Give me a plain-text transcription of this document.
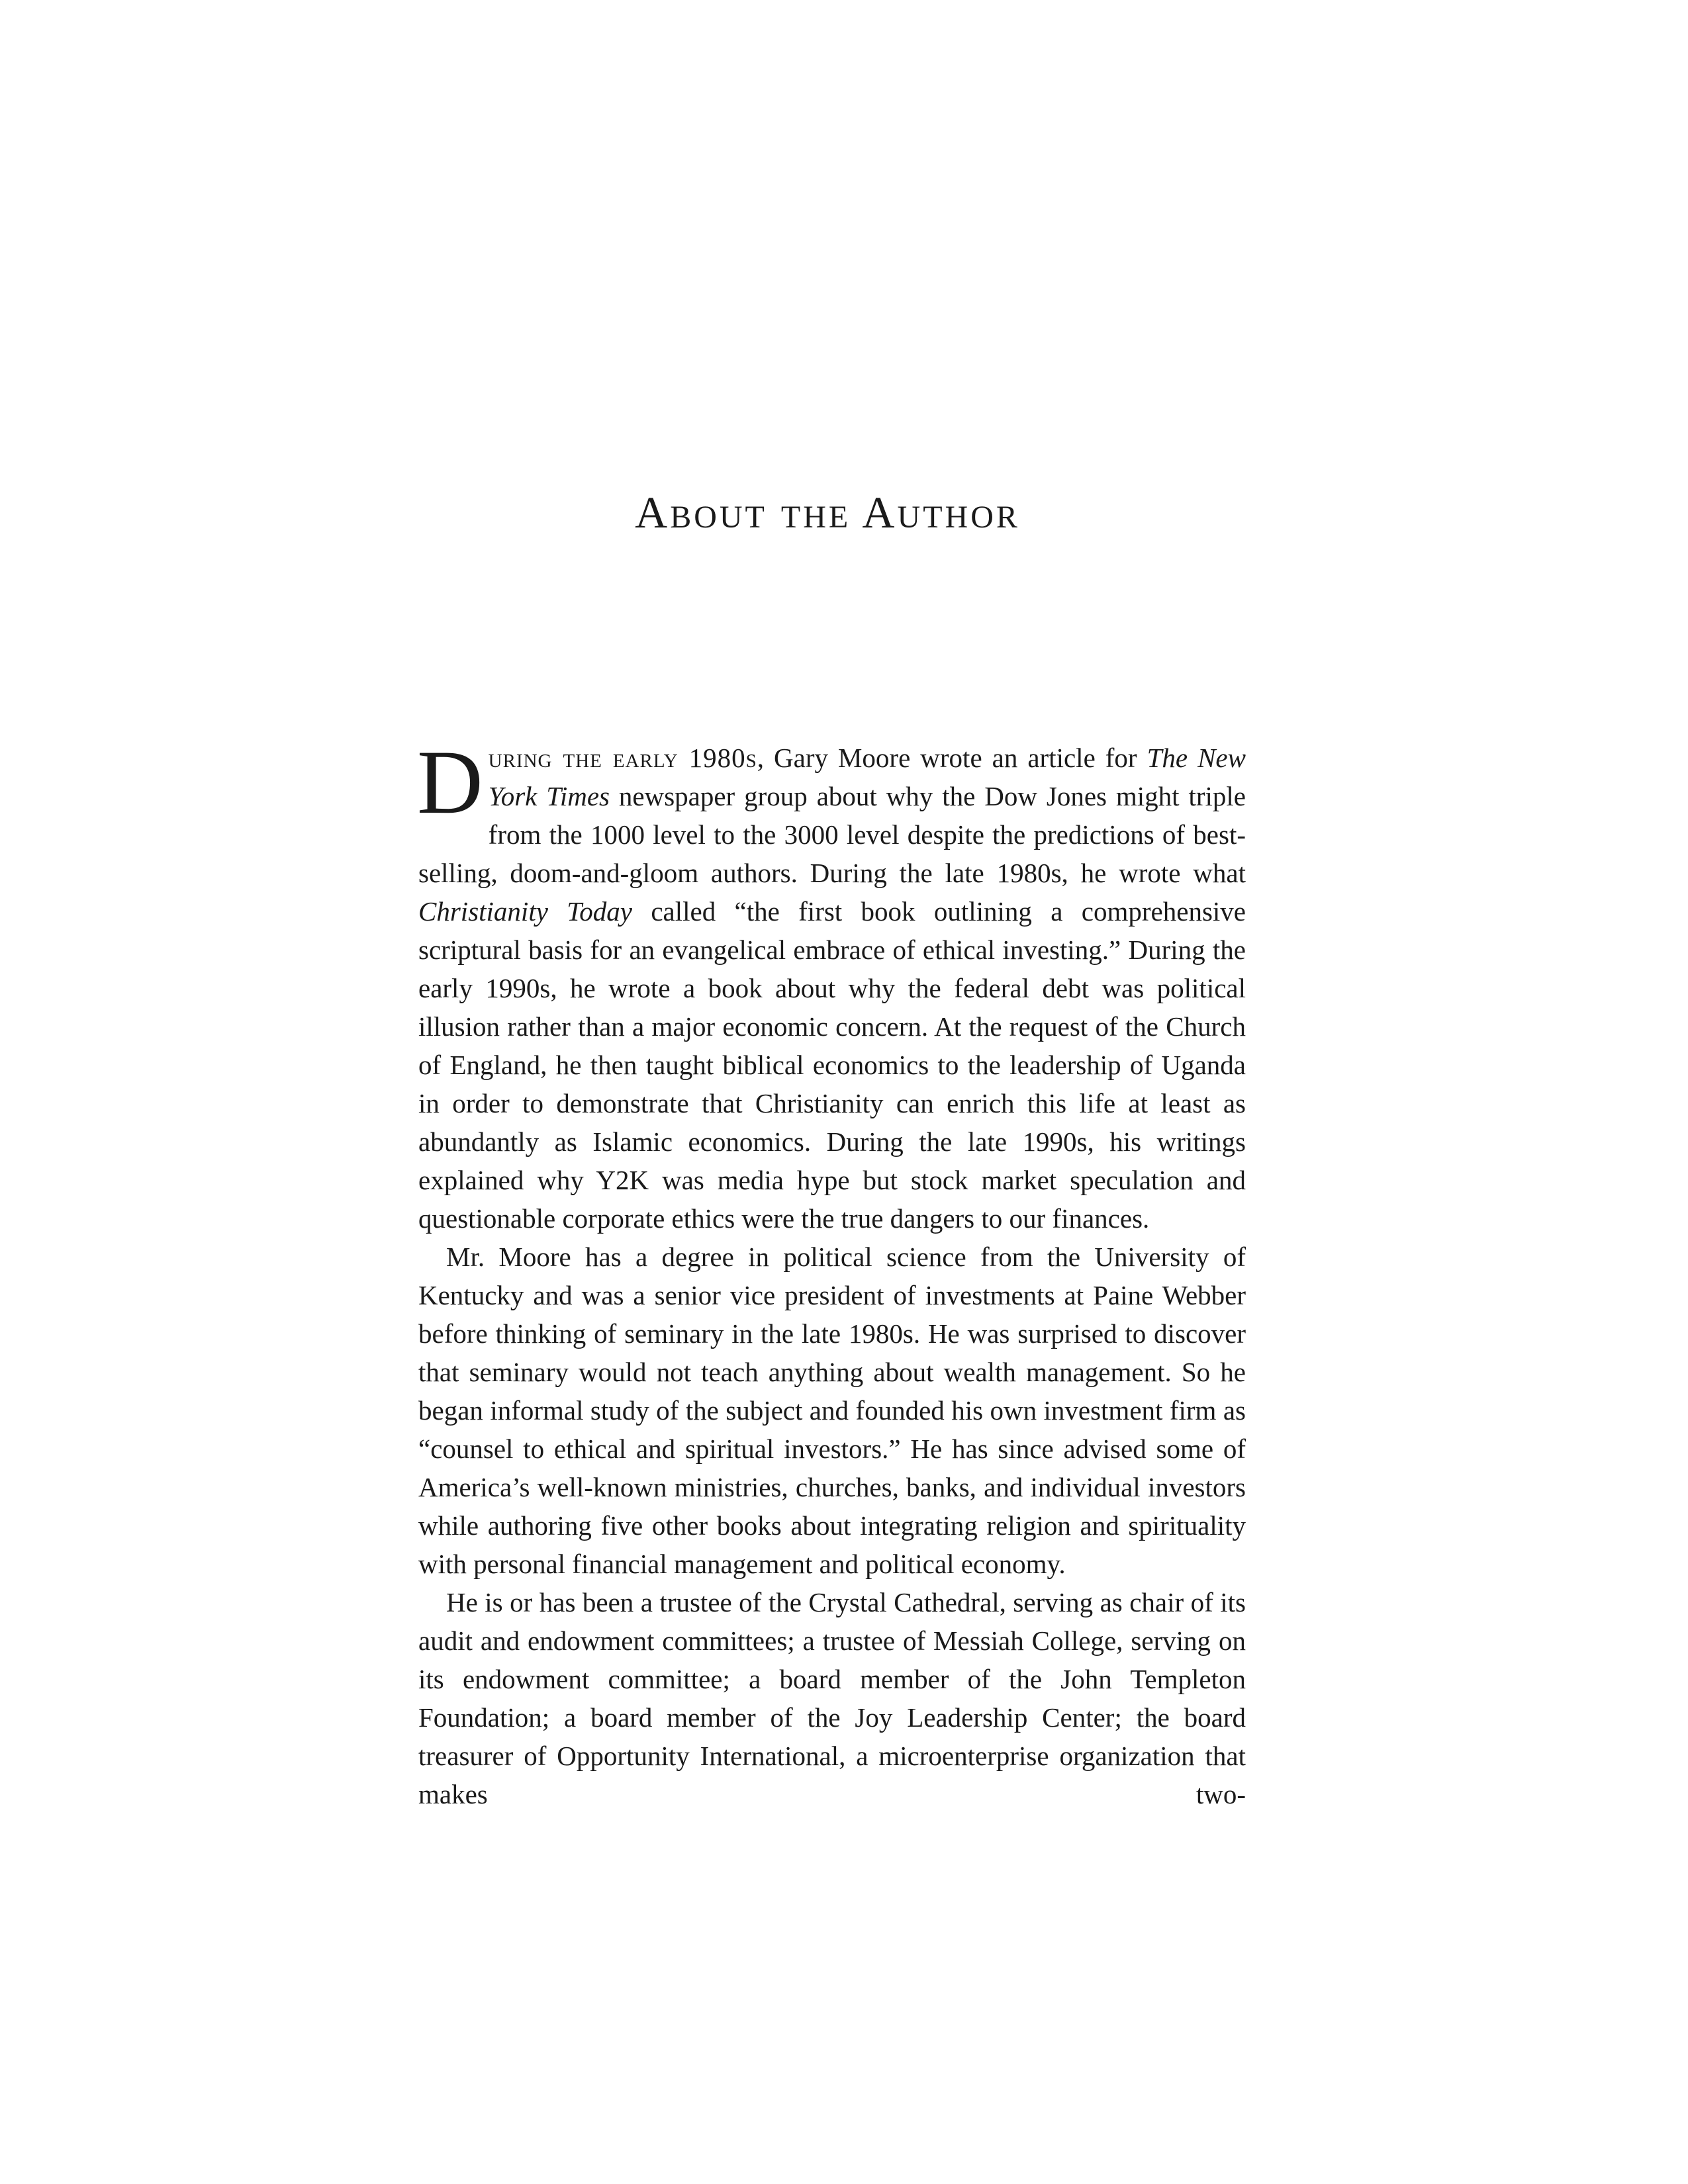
About the Author

During the early 1980s, Gary Moore wrote an article for The New York Times newspaper group about why the Dow Jones might triple from the 1000 level to the 3000 level despite the predictions of best-selling, doom-and-gloom authors. During the late 1980s, he wrote what Christianity Today called “the first book outlining a comprehensive scriptural basis for an evangelical embrace of ethical investing.” During the early 1990s, he wrote a book about why the federal debt was political illusion rather than a major economic concern. At the request of the Church of England, he then taught biblical economics to the leadership of Uganda in order to demonstrate that Christianity can enrich this life at least as abundantly as Islamic economics. During the late 1990s, his writings explained why Y2K was media hype but stock market speculation and questionable corporate ethics were the true dangers to our finances.

Mr. Moore has a degree in political science from the University of Kentucky and was a senior vice president of investments at Paine Webber before thinking of seminary in the late 1980s. He was surprised to discover that seminary would not teach anything about wealth management. So he began informal study of the subject and founded his own investment firm as “counsel to ethical and spiritual investors.” He has since advised some of America’s well-known ministries, churches, banks, and individual investors while authoring five other books about integrating religion and spirituality with personal financial management and political economy.

He is or has been a trustee of the Crystal Cathedral, serving as chair of its audit and endowment committees; a trustee of Messiah College, serving on its endowment committee; a board member of the John Templeton Foundation; a board member of the Joy Leadership Center; the board treasurer of Opportunity International, a microenterprise organization that makes two-
